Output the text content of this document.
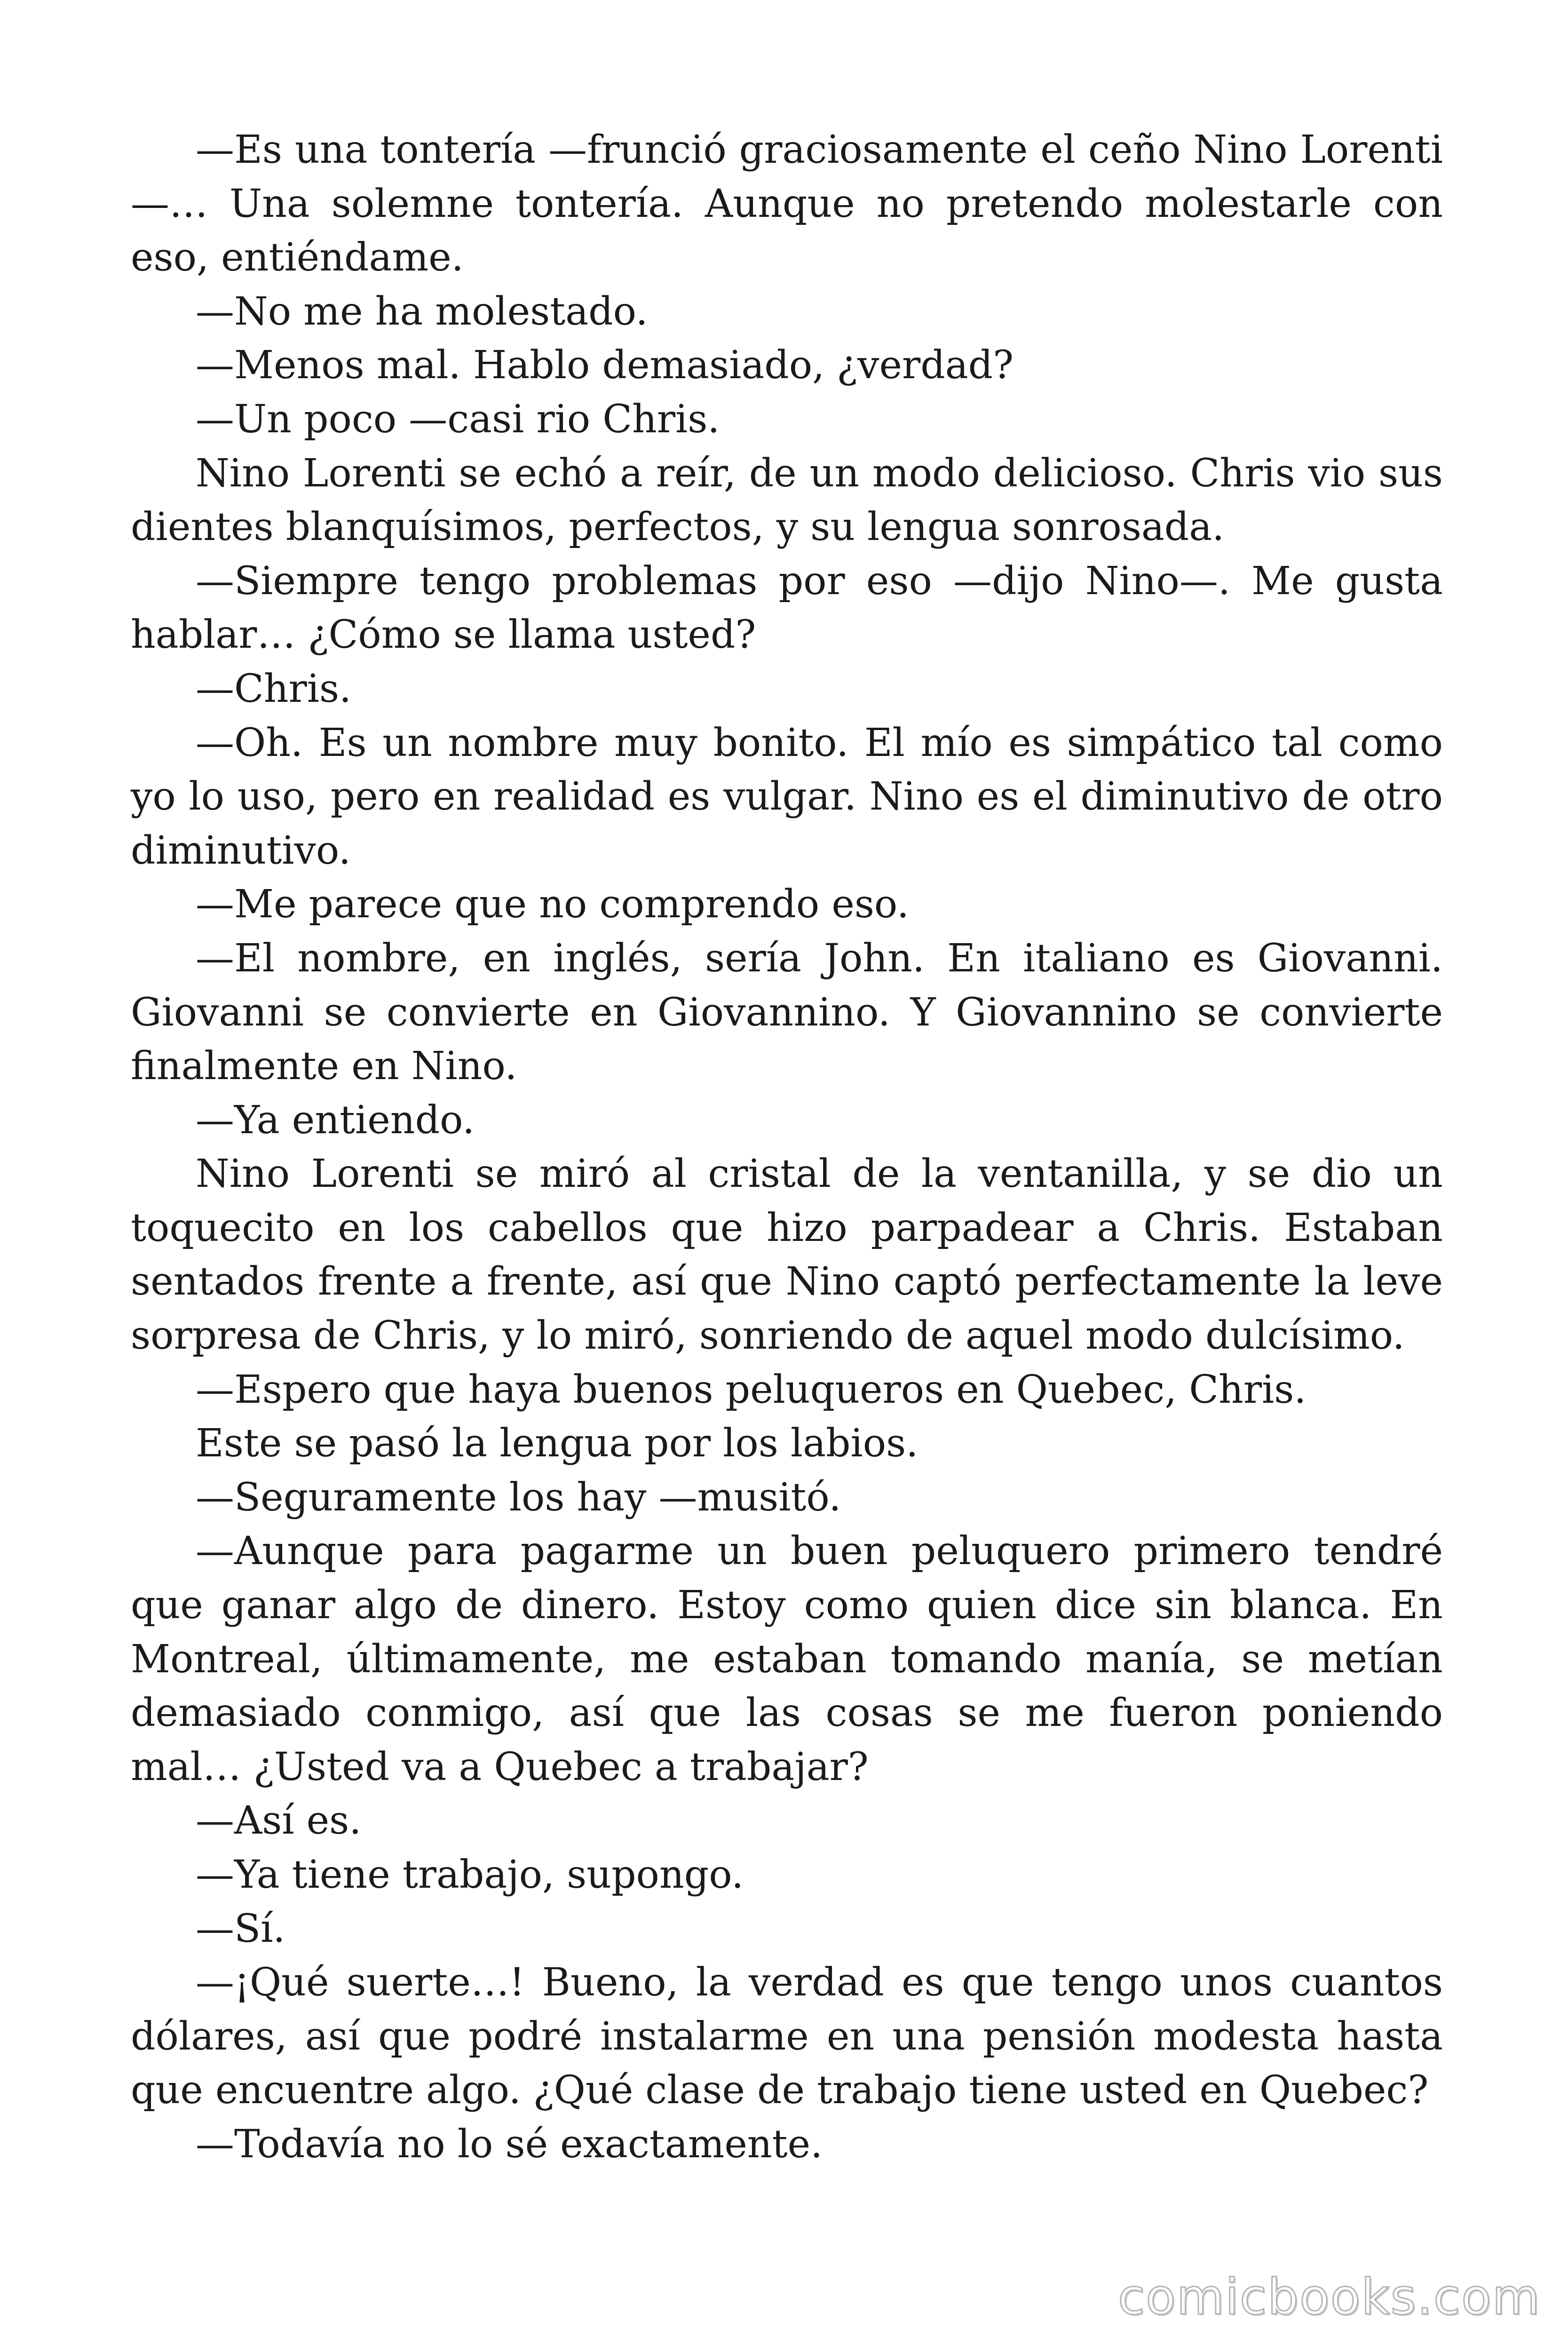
—Es una tontería —frunció graciosamente el ceño Nino Lorenti —… Una solemne tontería. Aunque no pretendo molestarle con eso, entiéndame.

—No me ha molestado.

—Menos mal. Hablo demasiado, ¿verdad?

—Un poco —casi rio Chris.

Nino Lorenti se echó a reír, de un modo delicioso. Chris vio sus dientes blanquísimos, perfectos, y su lengua sonrosada.

—Siempre tengo problemas por eso —dijo Nino—. Me gusta hablar… ¿Cómo se llama usted?

—Chris.

—Oh. Es un nombre muy bonito. El mío es simpático tal como yo lo uso, pero en realidad es vulgar. Nino es el diminutivo de otro diminutivo.

—Me parece que no comprendo eso.

—El nombre, en inglés, sería John. En italiano es Giovanni. Giovanni se convierte en Giovannino. Y Giovannino se convierte finalmente en Nino.

—Ya entiendo.

Nino Lorenti se miró al cristal de la ventanilla, y se dio un toquecito en los cabellos que hizo parpadear a Chris. Estaban sentados frente a frente, así que Nino captó perfectamente la leve sorpresa de Chris, y lo miró, sonriendo de aquel modo dulcísimo.

—Espero que haya buenos peluqueros en Quebec, Chris.

Este se pasó la lengua por los labios.

—Seguramente los hay —musitó.

—Aunque para pagarme un buen peluquero primero tendré que ganar algo de dinero. Estoy como quien dice sin blanca. En Montreal, últimamente, me estaban tomando manía, se metían demasiado conmigo, así que las cosas se me fueron poniendo mal… ¿Usted va a Quebec a trabajar?

—Así es.

—Ya tiene trabajo, supongo.

—Sí.

—¡Qué suerte…! Bueno, la verdad es que tengo unos cuantos dólares, así que podré instalarme en una pensión modesta hasta que encuentre algo. ¿Qué clase de trabajo tiene usted en Quebec?

—Todavía no lo sé exactamente.

comicbooks.com
